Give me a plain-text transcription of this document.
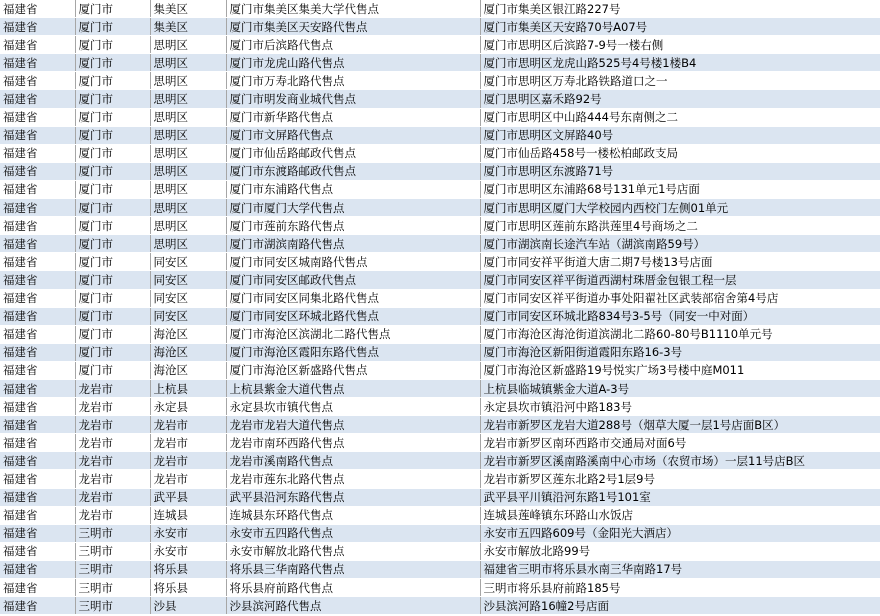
福建省	厦门市	集美区	厦门市集美区集美大学代售点	厦门市集美区银江路227号
福建省	厦门市	集美区	厦门市集美区天安路代售点	厦门市集美区天安路70号A07号
福建省	厦门市	思明区	厦门市后滨路代售点	厦门市思明区后滨路7-9号一楼右侧
福建省	厦门市	思明区	厦门市龙虎山路代售点	厦门市思明区龙虎山路525号4号楼1楼B4
福建省	厦门市	思明区	厦门市万寿北路代售点	厦门市思明区万寿北路铁路道口之一
福建省	厦门市	思明区	厦门市明发商业城代售点	厦门思明区嘉禾路92号
福建省	厦门市	思明区	厦门市新华路代售点	厦门市思明区中山路444号东南侧之二
福建省	厦门市	思明区	厦门市文屏路代售点	厦门市思明区文屏路40号
福建省	厦门市	思明区	厦门市仙岳路邮政代售点	厦门市仙岳路458号一楼松柏邮政支局
福建省	厦门市	思明区	厦门市东渡路邮政代售点	厦门市思明区东渡路71号
福建省	厦门市	思明区	厦门市东浦路代售点	厦门市思明区东浦路68号131单元1号店面
福建省	厦门市	思明区	厦门市厦门大学代售点	厦门市思明区厦门大学校园内西校门左侧01单元
福建省	厦门市	思明区	厦门市莲前东路代售点	厦门市思明区莲前东路洪莲里4号商场之二
福建省	厦门市	思明区	厦门市湖滨南路代售点	厦门市湖滨南长途汽车站（湖滨南路59号）
福建省	厦门市	同安区	厦门市同安区城南路代售点	厦门市同安祥平街道大唐二期7号楼13号店面
福建省	厦门市	同安区	厦门市同安区邮政代售点	厦门市同安区祥平街道西湖村珠厝金包银工程一层
福建省	厦门市	同安区	厦门市同安区同集北路代售点	厦门市同安区祥平街道办事处阳翟社区武装部宿舍第4号店
福建省	厦门市	同安区	厦门市同安区环城北路代售点	厦门市同安区环城北路834号3-5号（同安一中对面）
福建省	厦门市	海沧区	厦门市海沧区滨湖北二路代售点	厦门市海沧区海沧街道滨湖北二路60-80号B1110单元号
福建省	厦门市	海沧区	厦门市海沧区霞阳东路代售点	厦门市海沧区新阳街道霞阳东路16-3号
福建省	厦门市	海沧区	厦门市海沧区新盛路代售点	厦门市海沧区新盛路19号悦实广场3号楼中庭M011
福建省	龙岩市	上杭县	上杭县紫金大道代售点	上杭县临城镇紫金大道A-3号
福建省	龙岩市	永定县	永定县坎市镇代售点	永定县坎市镇沿河中路183号
福建省	龙岩市	龙岩市	龙岩市龙岩大道代售点	龙岩市新罗区龙岩大道288号（烟草大厦一层1号店面B区）
福建省	龙岩市	龙岩市	龙岩市南环西路代售点	龙岩市新罗区南环西路市交通局对面6号
福建省	龙岩市	龙岩市	龙岩市溪南路代售点	龙岩市新罗区溪南路溪南中心市场（农贸市场）一层11号店B区
福建省	龙岩市	龙岩市	龙岩市莲东北路代售点	龙岩市新罗区莲东北路2号1层9号
福建省	龙岩市	武平县	武平县沿河东路代售点	武平县平川镇沿河东路1号101室
福建省	龙岩市	连城县	连城县东环路代售点	连城县莲峰镇东环路山水饭店
福建省	三明市	永安市	永安市五四路代售点	永安市五四路609号（金阳光大酒店）
福建省	三明市	永安市	永安市解放北路代售点	永安市解放北路99号
福建省	三明市	将乐县	将乐县三华南路代售点	福建省三明市将乐县水南三华南路17号
福建省	三明市	将乐县	将乐县府前路代售点	三明市将乐县府前路185号
福建省	三明市	沙县	沙县滨河路代售点	沙县滨河路16幢2号店面
